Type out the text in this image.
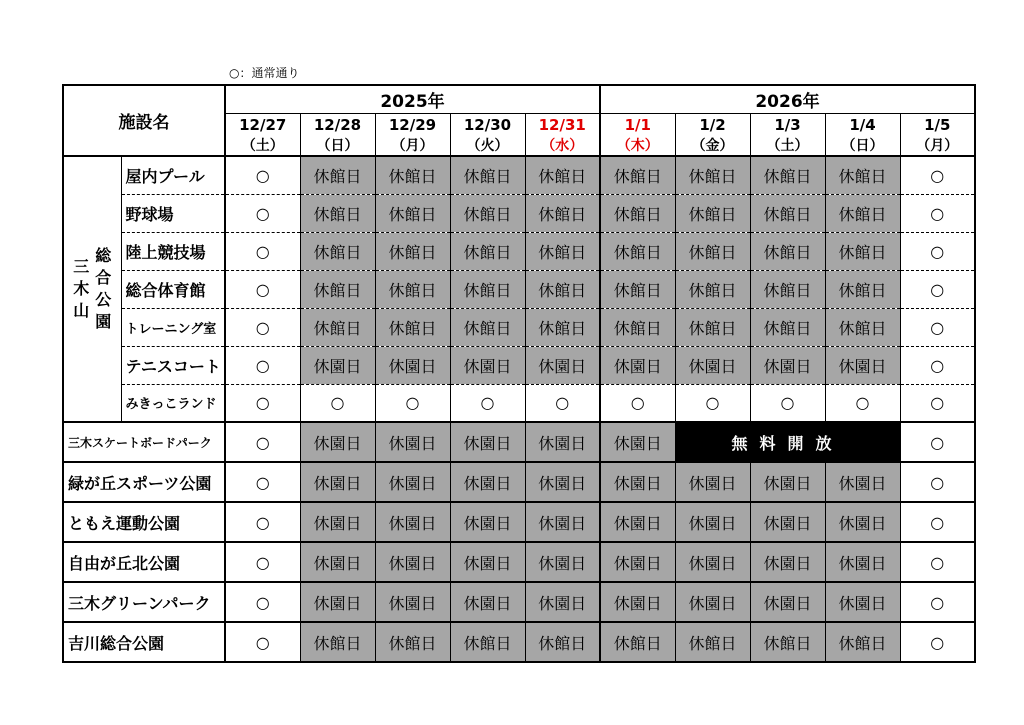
○：通常通り
施設名		2025年					2026年				
		12/27	12/28	12/29	12/30	12/31	1/1	1/2	1/3	1/4	1/5
		（土）	（日）	（月）	（火）	（水）	（木）	（金）	（土）	（日）	（月）

三木山
総合公園	屋内プール	○	休館日	休館日	休館日	休館日	休館日	休館日	休館日	休館日	○
	野球場	○	休館日	休館日	休館日	休館日	休館日	休館日	休館日	休館日	○
	陸上競技場	○	休館日	休館日	休館日	休館日	休館日	休館日	休館日	休館日	○
	総合体育館	○	休館日	休館日	休館日	休館日	休館日	休館日	休館日	休館日	○
	トレーニング室	○	休館日	休館日	休館日	休館日	休館日	休館日	休館日	休館日	○
	テニスコート	○	休園日	休園日	休園日	休園日	休園日	休園日	休園日	休園日	○
	みきっこランド	○	○	○	○	○	○	○	○	○	○
三木スケートボードパーク		○	休園日	休園日	休園日	休園日	休園日	無料開放			○
緑が丘スポーツ公園		○	休園日	休園日	休園日	休園日	休園日	休園日	休園日	休園日	○
ともえ運動公園		○	休園日	休園日	休園日	休園日	休園日	休園日	休園日	休園日	○
自由が丘北公園		○	休園日	休園日	休園日	休園日	休園日	休園日	休園日	休園日	○
三木グリーンパーク		○	休園日	休園日	休園日	休園日	休園日	休園日	休園日	休園日	○
吉川総合公園		○	休館日	休館日	休館日	休館日	休館日	休館日	休館日	休館日	○
